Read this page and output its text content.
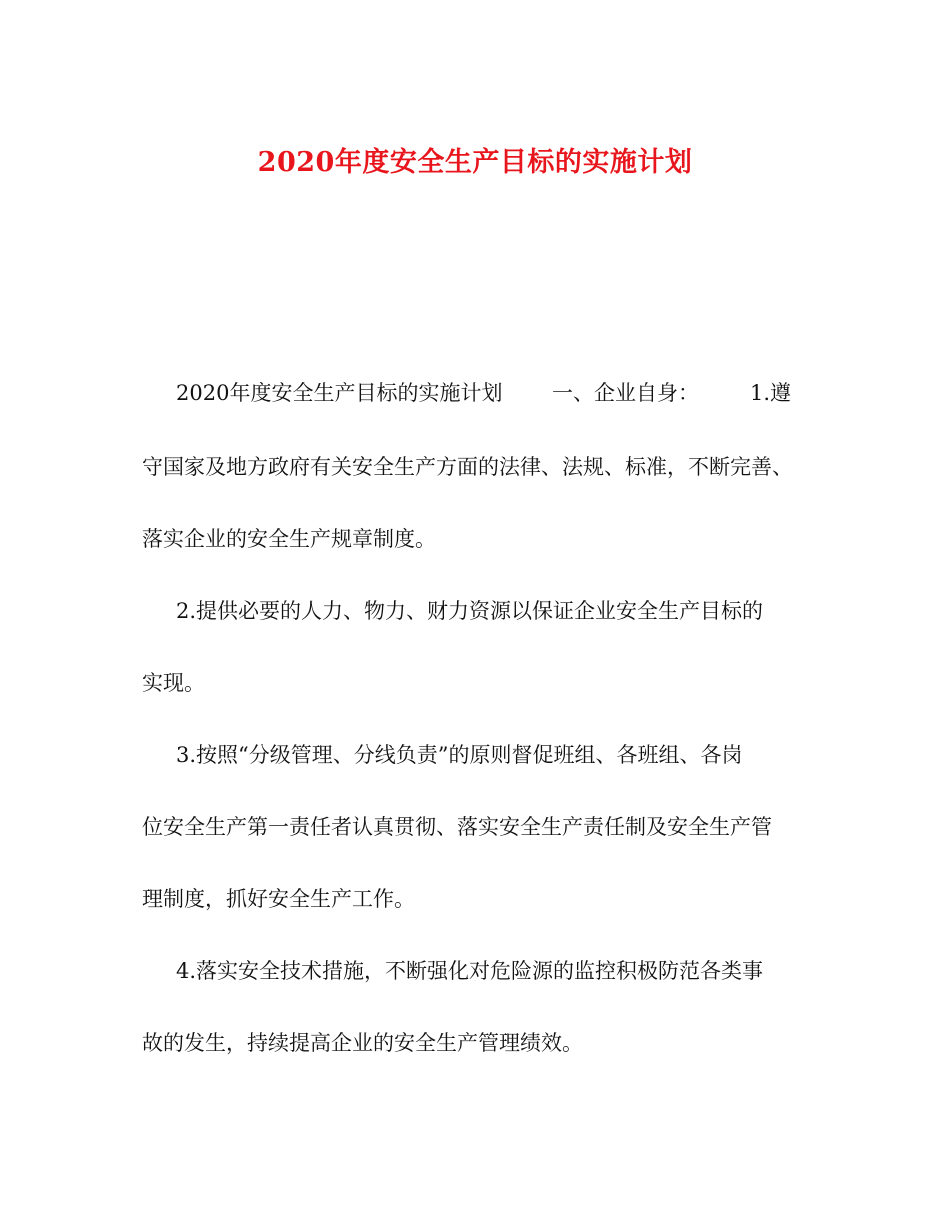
2020年度安全生产目标的实施计划
2020年度安全生产目标的实施计划 一、企业自身： 1.遵
守国家及地方政府有关安全生产方面的法律、法规、标准，不断完善、
落实企业的安全生产规章制度。
2.提供必要的人力、物力、财力资源以保证企业安全生产目标的
实现。
3.按照“分级管理、分线负责”的原则督促班组、各班组、各岗
位安全生产第一责任者认真贯彻、落实安全生产责任制及安全生产管
理制度，抓好安全生产工作。
4.落实安全技术措施，不断强化对危险源的监控积极防范各类事
故的发生，持续提高企业的安全生产管理绩效。
